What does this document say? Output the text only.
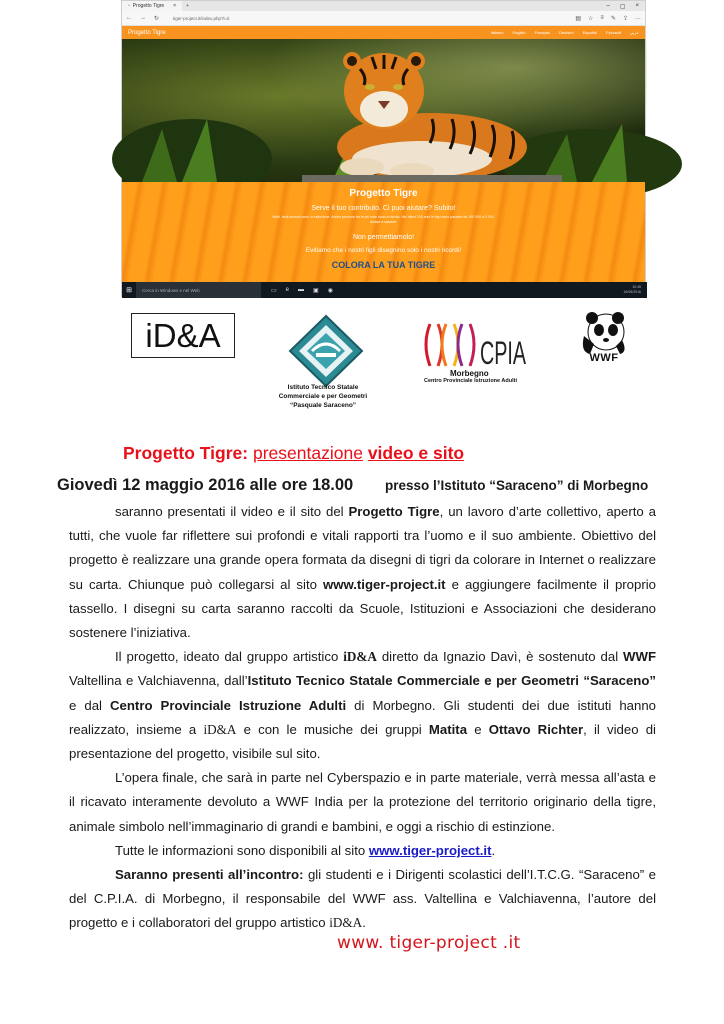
▫ Progetto Tigre ×	+	– ▢ ×
← → ↻	tiger-project.it/index.php?l=it	▤ ☆ ≡ ✎ ⇪ …
Progetto Tigre	Italiano English Français Deutsch Español Русский عربي
Progetto Tigre
Serve il tuo contributo. Ci puoi aiutare? Subito!
Molti, tanti animali sono in estinzione. Anche persone tra le più note sono a rischio. Nei ultimi 100 anni le tigri sono passate da 100 000 a 3 200. Aiutaci a salvarle.
Non permettiamolo!
Evitiamo che i nostri figli disegnino solo i nostri ricordi!
COLORA LA TUA TIGRE
⊞	Cerca in Windows e nel Web	▭ e ▬ ▣ ◉
10:45
16/05/2016
iD&A
Istituto Tecnico Statale
Commerciale e per Geometri
“Pasquale Saraceno”
CPIA
Morbegno
Centro Provinciale Istruzione Adulti
WWF
Progetto Tigre: presentazione video e sito
Giovedì 12 maggio 2016 alle ore 18.00 presso l’Istituto “Saraceno” di Morbegno

saranno presentati il video e il sito del Progetto Tigre, un lavoro d’arte collettivo, aperto a tutti, che vuole far riflettere sui profondi e vitali rapporti tra l’uomo e il suo ambiente. Obiettivo del progetto è realizzare una grande opera formata da disegni di tigri da colorare in Internet o realizzare su carta. Chiunque può collegarsi al sito www.tiger-project.it e aggiungere facilmente il proprio tassello. I disegni su carta saranno raccolti da Scuole, Istituzioni e Associazioni che desiderano sostenere l’iniziativa.

Il progetto, ideato dal gruppo artistico iD&A diretto da Ignazio Davì, è sostenuto dal WWF Valtellina e Valchiavenna, dall’Istituto Tecnico Statale Commerciale e per Geometri “Saraceno” e dal Centro Provinciale Istruzione Adulti di Morbegno. Gli studenti dei due istituti hanno realizzato, insieme a iD&A e con le musiche dei gruppi Matita e Ottavo Richter, il video di presentazione del progetto, visibile sul sito.

L’opera finale, che sarà in parte nel Cyberspazio e in parte materiale, verrà messa all’asta e il ricavato interamente devoluto a WWF India per la protezione del territorio originario della tigre, animale simbolo nell’immaginario di grandi e bambini, e oggi a rischio di estinzione.

Tutte le informazioni sono disponibili al sito www.tiger-project.it.

Saranno presenti all’incontro: gli studenti e i Dirigenti scolastici dell’I.T.C.G. “Saraceno” e del C.P.I.A. di Morbegno, il responsabile del WWF ass. Valtellina e Valchiavenna, l’autore del progetto e i collaboratori del gruppo artistico iD&A.

www. tiger-project .it
